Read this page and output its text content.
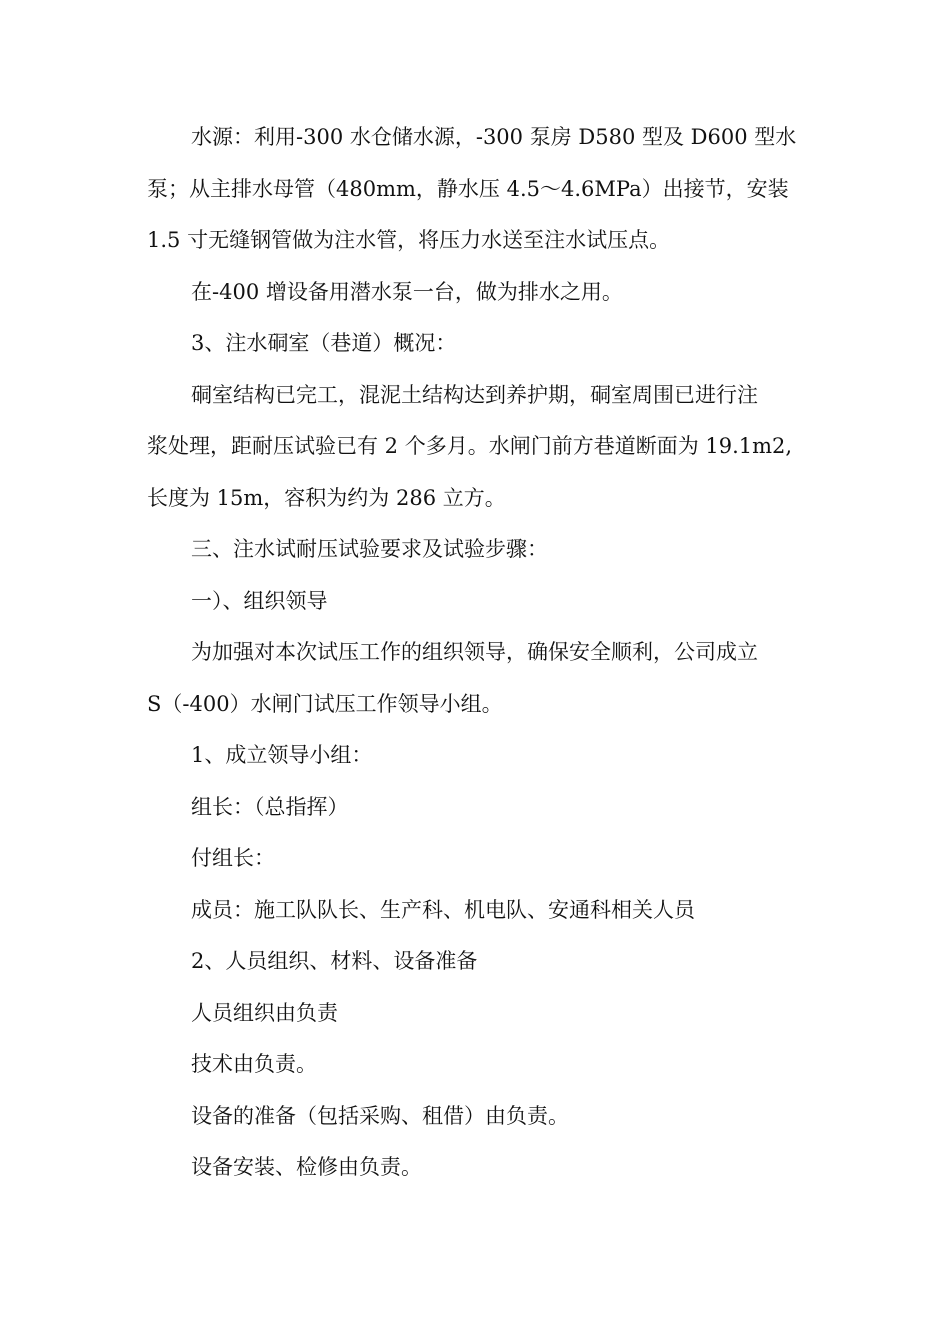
水源：利用-300 水仓储水源，-300 泵房 D580 型及 D600 型水
泵；从主排水母管（480mm，静水压 4.5～4.6MPa）出接节，安装
1.5 寸无缝钢管做为注水管，将压力水送至注水试压点。

在-400 增设备用潜水泵一台，做为排水之用。

3、注水硐室（巷道）概况：

硐室结构已完工，混泥土结构达到养护期，硐室周围已进行注
浆处理，距耐压试验已有 2 个多月。水闸门前方巷道断面为 19.1m2,
长度为 15m，容积为约为 286 立方。

三、注水试耐压试验要求及试验步骤：

一）、组织领导

为加强对本次试压工作的组织领导，确保安全顺利，公司成立
S（-400）水闸门试压工作领导小组。

1、成立领导小组：

组长：（总指挥）

付组长：

成员：施工队队长、生产科、机电队、安通科相关人员

2、人员组织、材料、设备准备

人员组织由负责

技术由负责。

设备的准备（包括采购、租借）由负责。

设备安装、检修由负责。
